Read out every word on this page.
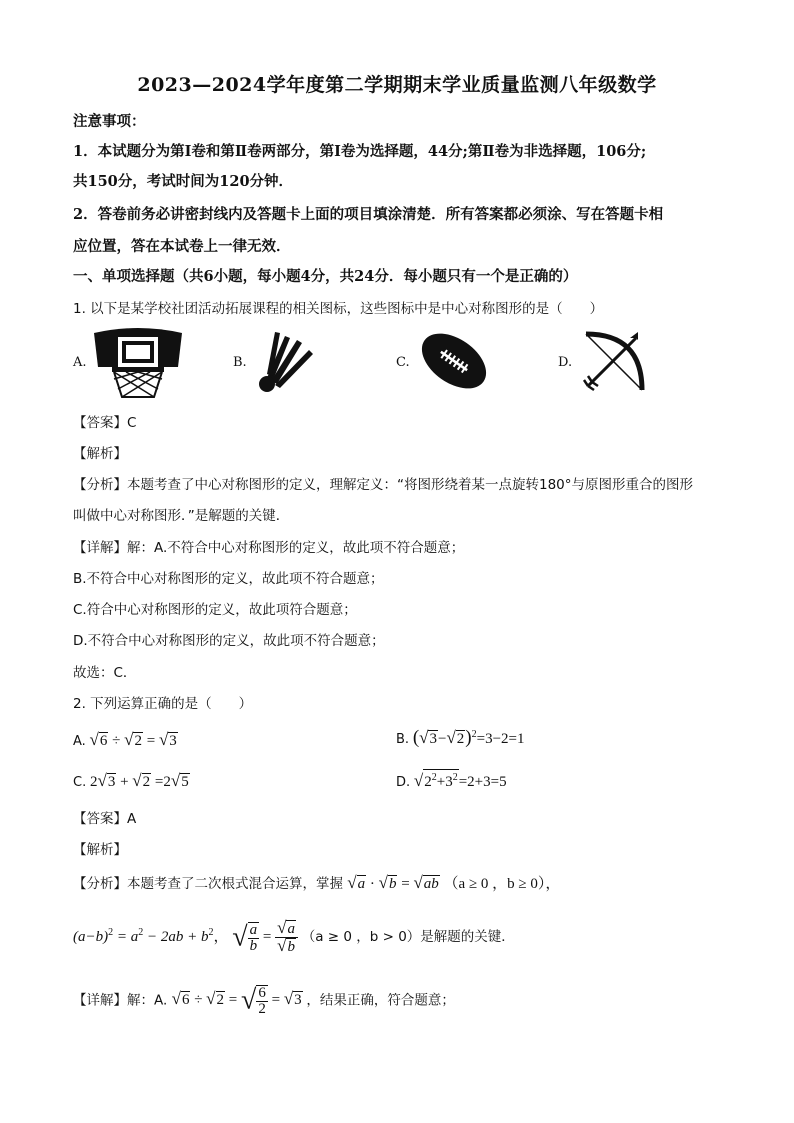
2023—2024学年度第二学期期末学业质量监测八年级数学
注意事项：
1．本试题分为第Ⅰ卷和第Ⅱ卷两部分，第Ⅰ卷为选择题，44分;第Ⅱ卷为非选择题，106分;
共150分，考试时间为120分钟．
2．答卷前务必讲密封线内及答题卡上面的项目填涂清楚．所有答案都必须涂、写在答题卡相
应位置，答在本试卷上一律无效．
一、单项选择题（共6小题，每小题4分，共24分．每小题只有一个是正确的）
1. 以下是某学校社团活动拓展课程的相关图标，这些图标中是中心对称图形的是（　　）
A.	B.	C.	D.
【答案】C
【解析】
【分析】本题考查了中心对称图形的定义，理解定义：“将图形绕着某一点旋转180°与原图形重合的图形
叫做中心对称图形．”是解题的关键．
【详解】解：A.不符合中心对称图形的定义，故此项不符合题意；
B.不符合中心对称图形的定义，故此项不符合题意；
C.符合中心对称图形的定义，故此项符合题意；
D.不符合中心对称图形的定义，故此项不符合题意；
故选：C．
2. 下列运算正确的是（　　）
A. √6 ÷ √2 = √3	B. $(√3-√2)^2=3-2=1$
C. 2√3 + √2 =2√5	D. $√2^2+3^2=2+3=5$
【答案】A
【解析】
【分析】本题考查了二次根式混合运算，掌握 √a · √b = √ab （a ≥ 0 ，b ≥ 0），
$(a-b)^2 = a^2 - 2ab + b^2$， √ $\frac{a}{b} = \frac{√a}{√b} (a \ge 0$ ，b > 0）是解题的关键．
【详解】解：A. √6 ÷ √2 = √ $\frac{6}{2} = √3$ ，结果正确，符合题意；
